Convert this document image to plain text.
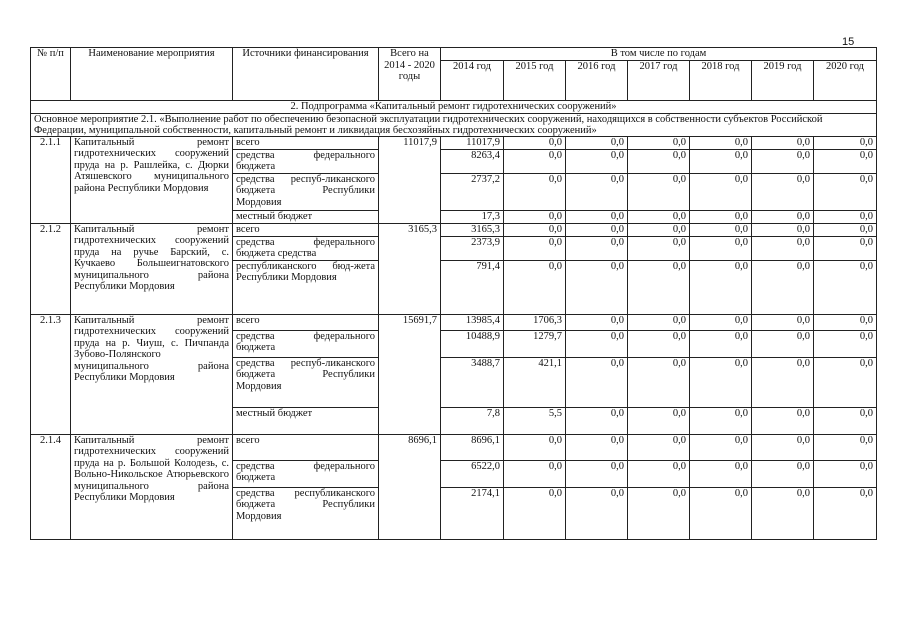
15
№ п/п	Наименование мероприятия	Источники финансирования	Всего на 2014 - 2020 годы	В том числе по годам						
				2014 год	2015 год	2016 год	2017 год	2018 год	2019 год	2020 год
2. Подпрограмма «Капитальный ремонт гидротехнических сооружений»										
Основное мероприятие 2.1. «Выполнение работ по обеспечению безопасной эксплуатации гидротехнических сооружений, находящихся в собственности субъектов Российской Федерации, муниципальной собственности, капитальный ремонт и ликвидация бесхозяйных гидротехнических сооружений»										
2.1.1	Капитальный ремонт гидротехнических сооружений пруда на р. Рашлейка, с. Дюрки Атяшевского муниципального района Республики Мордовия	всего	11017,9	11017,9	0,0	0,0	0,0	0,0	0,0	0,0
		средства федерального бюджета		8263,4	0,0	0,0	0,0	0,0	0,0	0,0
		средства респуб-ликанского бюджета Республики Мордовия		2737,2	0,0	0,0	0,0	0,0	0,0	0,0
		местный бюджет		17,3	0,0	0,0	0,0	0,0	0,0	0,0
2.1.2	Капитальный ремонт гидротехнических сооружений пруда на ручье Барский, с. Кучкаево Большеигнатовского муниципального района Республики Мордовия	всего	3165,3	3165,3	0,0	0,0	0,0	0,0	0,0	0,0
		средства федерального бюджета средства		2373,9	0,0	0,0	0,0	0,0	0,0	0,0
		республиканского бюд-жета Республики Мордовия		791,4	0,0	0,0	0,0	0,0	0,0	0,0
2.1.3	Капитальный ремонт гидротехнических сооружений пруда на р. Чиуш, с. Пичпанда Зубово-Полянского муниципального района Республики Мордовия	всего	15691,7	13985,4	1706,3	0,0	0,0	0,0	0,0	0,0
		средства федерального бюджета		10488,9	1279,7	0,0	0,0	0,0	0,0	0,0
		средства респуб-ликанского бюджета Республики Мордовия		3488,7	421,1	0,0	0,0	0,0	0,0	0,0
		местный бюджет		7,8	5,5	0,0	0,0	0,0	0,0	0,0
2.1.4	Капитальный ремонт гидротехнических сооружений пруда на р. Большой Колодезь, с. Вольно-Никольское Атюрьевского муниципального района Республики Мордовия	всего	8696,1	8696,1	0,0	0,0	0,0	0,0	0,0	0,0
		средства федерального бюджета		6522,0	0,0	0,0	0,0	0,0	0,0	0,0
		средства республиканского бюджета Республики Мордовия		2174,1	0,0	0,0	0,0	0,0	0,0	0,0
